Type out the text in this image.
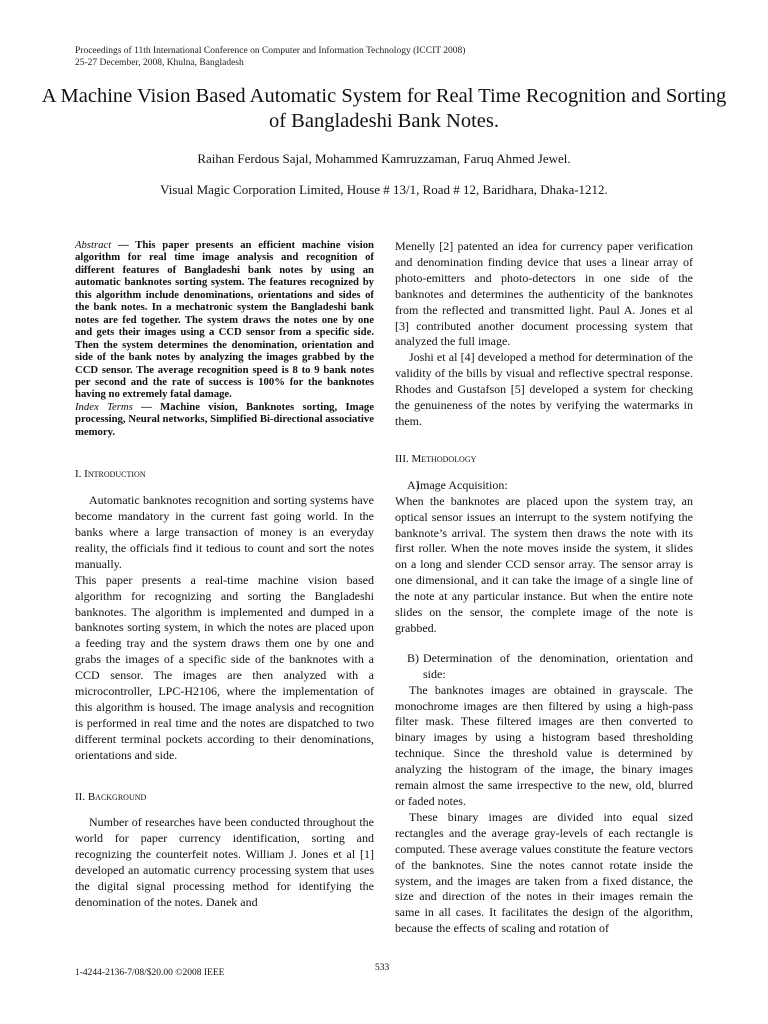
Proceedings of 11th International Conference on Computer and Information Technology (ICCIT 2008)
25-27 December, 2008, Khulna, Bangladesh
A Machine Vision Based Automatic System for Real Time Recognition and Sorting of Bangladeshi Bank Notes.
Raihan Ferdous Sajal, Mohammed Kamruzzaman, Faruq Ahmed Jewel.
Visual Magic Corporation Limited, House # 13/1, Road # 12, Baridhara, Dhaka-1212.

Abstract — This paper presents an efficient machine vision algorithm for real time image analysis and recognition of different features of Bangladeshi bank notes by using an automatic banknotes sorting system. The features recognized by this algorithm include denominations, orientations and sides of the bank notes. In a mechatronic system the Bangladeshi bank notes are fed together. The system draws the notes one by one and gets their images using a CCD sensor from a specific side. Then the system determines the denomination, orientation and side of the bank notes by analyzing the images grabbed by the CCD sensor. The average recognition speed is 8 to 9 bank notes per second and the rate of success is 100% for the banknotes having no extremely fatal damage.

Index Terms — Machine vision, Banknotes sorting, Image processing, Neural networks, Simplified Bi-directional associative memory.

I. Introduction

Automatic banknotes recognition and sorting systems have become mandatory in the current fast going world. In the banks where a large transaction of money is an everyday reality, the officials find it tedious to count and sort the notes manually.

This paper presents a real-time machine vision based algorithm for recognizing and sorting the Bangladeshi banknotes. The algorithm is implemented and dumped in a banknotes sorting system, in which the notes are placed upon a feeding tray and the system draws them one by one and grabs the images of a specific side of the banknotes with a CCD sensor. The images are then analyzed with a microcontroller, LPC-H2106, where the implementation of this algorithm is housed. The image analysis and recognition is performed in real time and the notes are dispatched to two different terminal pockets according to their denominations, orientations and side.

II. Background

Number of researches have been conducted throughout the world for paper currency identification, sorting and recognizing the counterfeit notes. William J. Jones et al [1] developed an automatic currency processing system that uses the digital signal processing method for identifying the denomination of the notes. Danek and

Menelly [2] patented an idea for currency paper verification and denomination finding device that uses a linear array of photo-emitters and photo-detectors in one side of the banknotes and determines the authenticity of the banknotes from the reflected and transmitted light. Paul A. Jones et al [3] contributed another document processing system that analyzed the full image.

Joshi et al [4] developed a method for determination of the validity of the bills by visual and reflective spectral response. Rhodes and Gustafson [5] developed a system for checking the genuineness of the notes by verifying the watermarks in them.

III. Methodology

A) Image Acquisition:

When the banknotes are placed upon the system tray, an optical sensor issues an interrupt to the system notifying the banknote’s arrival. The system then draws the note with its first roller. When the note moves inside the system, it slides on a long and slender CCD sensor array. The sensor array is one dimensional, and it can take the image of a single line of the note at any particular instance. But when the entire note slides on the sensor, the complete image of the note is grabbed.

B) Determination of the denomination, orientation and side:

The banknotes images are obtained in grayscale. The monochrome images are then filtered by using a high-pass filter mask. These filtered images are then converted to binary images by using a histogram based thresholding technique. Since the threshold value is determined by analyzing the histogram of the image, the binary images remain almost the same irrespective to the new, old, blurred or faded notes.

These binary images are divided into equal sized rectangles and the average gray-levels of each rectangle is computed. These average values constitute the feature vectors of the banknotes. Sine the notes cannot rotate inside the system, and the images are taken from a fixed distance, the size and direction of the notes in their images remain the same in all cases. It facilitates the design of the algorithm, because the effects of scaling and rotation of

1-4244-2136-7/08/$20.00 ©2008 IEEE	533
